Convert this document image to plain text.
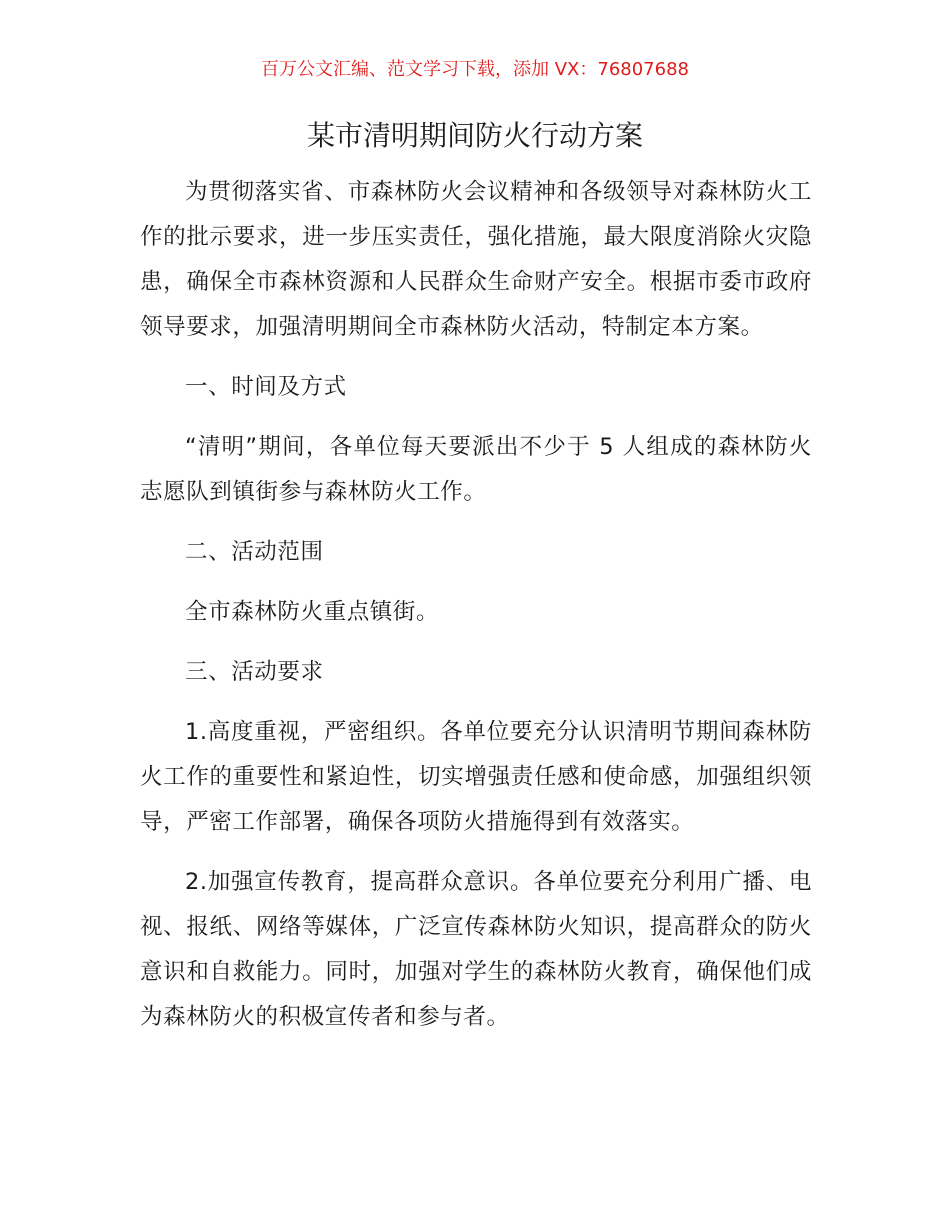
百万公文汇编、范文学习下载，添加 VX：76807688
某市清明期间防火行动方案

为贯彻落实省、市森林防火会议精神和各级领导对森林防火工作的批示要求，进一步压实责任，强化措施，最大限度消除火灾隐患，确保全市森林资源和人民群众生命财产安全。根据市委市政府领导要求，加强清明期间全市森林防火活动，特制定本方案。

一、时间及方式

“清明”期间，各单位每天要派出不少于 5 人组成的森林防火志愿队到镇街参与森林防火工作。

二、活动范围

全市森林防火重点镇街。

三、活动要求

1.高度重视，严密组织。各单位要充分认识清明节期间森林防火工作的重要性和紧迫性，切实增强责任感和使命感，加强组织领导，严密工作部署，确保各项防火措施得到有效落实。

2.加强宣传教育，提高群众意识。各单位要充分利用广播、电视、报纸、网络等媒体，广泛宣传森林防火知识，提高群众的防火意识和自救能力。同时，加强对学生的森林防火教育，确保他们成为森林防火的积极宣传者和参与者。
